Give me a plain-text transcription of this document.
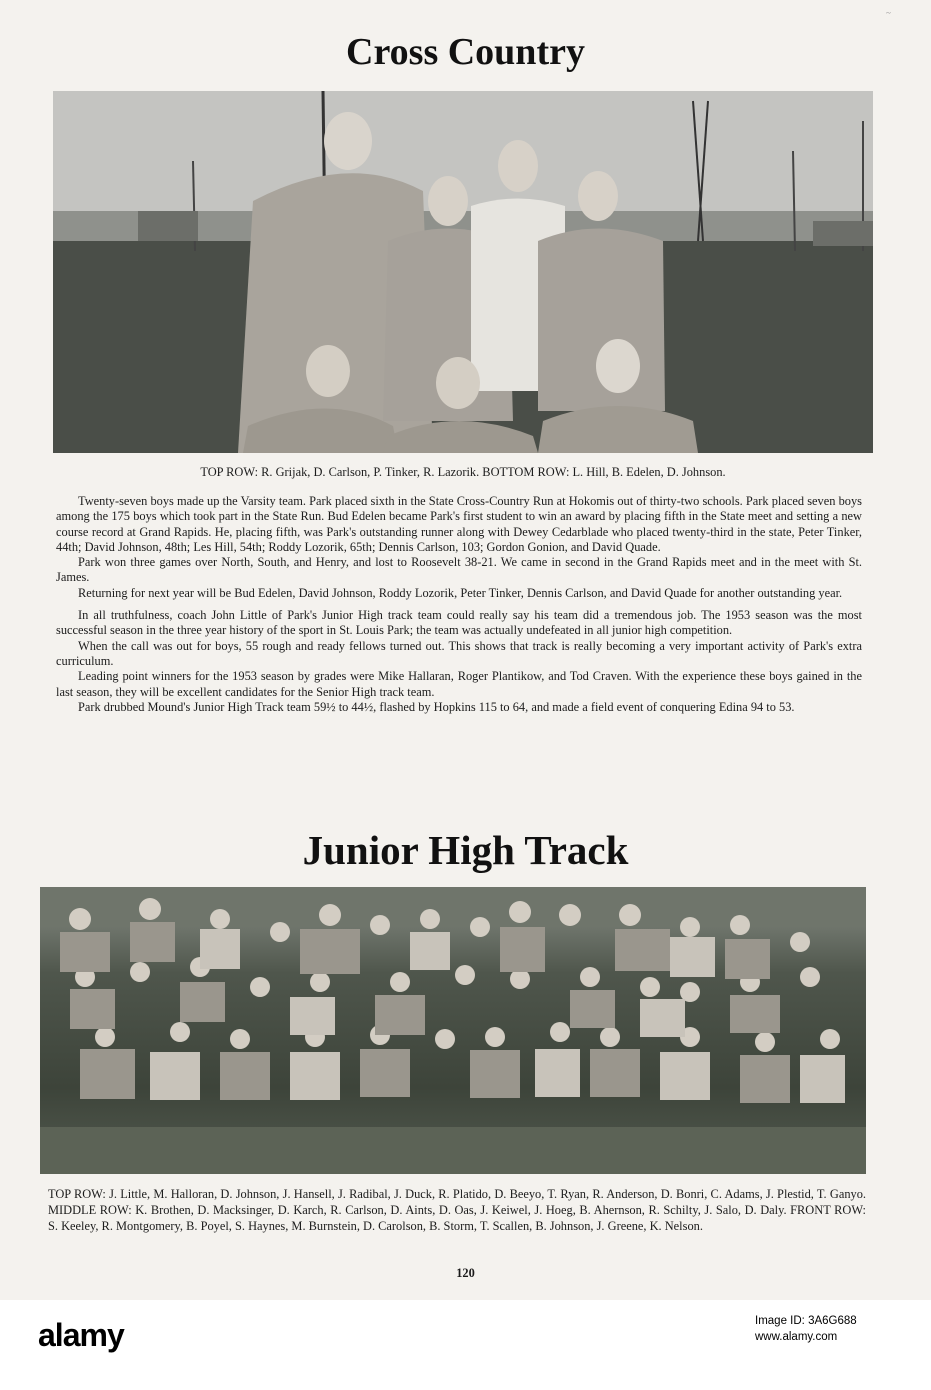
~
Cross Country
TOP ROW: R. Grijak, D. Carlson, P. Tinker, R. Lazorik. BOTTOM ROW: L. Hill, B. Edelen, D. Johnson.

Twenty-seven boys made up the Varsity team. Park placed sixth in the State Cross-Country Run at Hokomis out of thirty-two schools. Park placed seven boys among the 175 boys which took part in the State Run. Bud Edelen became Park's first student to win an award by placing fifth in the State meet and setting a new course record at Grand Rapids. He, placing fifth, was Park's outstanding runner along with Dewey Cedarblade who placed twenty-third in the state, Peter Tinker, 44th; David Johnson, 48th; Les Hill, 54th; Roddy Lozorik, 65th; Dennis Carlson, 103; Gordon Gonion, and David Quade.

Park won three games over North, South, and Henry, and lost to Roosevelt 38-21. We came in second in the Grand Rapids meet and in the meet with St. James.

Returning for next year will be Bud Edelen, David Johnson, Roddy Lozorik, Peter Tinker, Dennis Carlson, and David Quade for another outstanding year.

In all truthfulness, coach John Little of Park's Junior High track team could really say his team did a tremendous job. The 1953 season was the most successful season in the three year history of the sport in St. Louis Park; the team was actually undefeated in all junior high competition.

When the call was out for boys, 55 rough and ready fellows turned out. This shows that track is really becoming a very important activity of Park's extra curriculum.

Leading point winners for the 1953 season by grades were Mike Hallaran, Roger Plantikow, and Tod Craven. With the experience these boys gained in the last season, they will be excellent candidates for the Senior High track team.

Park drubbed Mound's Junior High Track team 59½ to 44½, flashed by Hopkins 115 to 64, and made a field event of conquering Edina 94 to 53.

Junior High Track
TOP ROW: J. Little, M. Halloran, D. Johnson, J. Hansell, J. Radibal, J. Duck, R. Platido, D. Beeyo, T. Ryan, R. Anderson, D. Bonri, C. Adams, J. Plestid, T. Ganyo. MIDDLE ROW: K. Brothen, D. Macksinger, D. Karch, R. Carlson, D. Aints, D. Oas, J. Keiwel, J. Hoeg, B. Ahernson, R. Schilty, J. Salo, D. Daly. FRONT ROW: S. Keeley, R. Montgomery, B. Poyel, S. Haynes, M. Burnstein, D. Carolson, B. Storm, T. Scallen, B. Johnson, J. Greene, K. Nelson.
120
alamy	Image ID: 3A6G688
www.alamy.com
